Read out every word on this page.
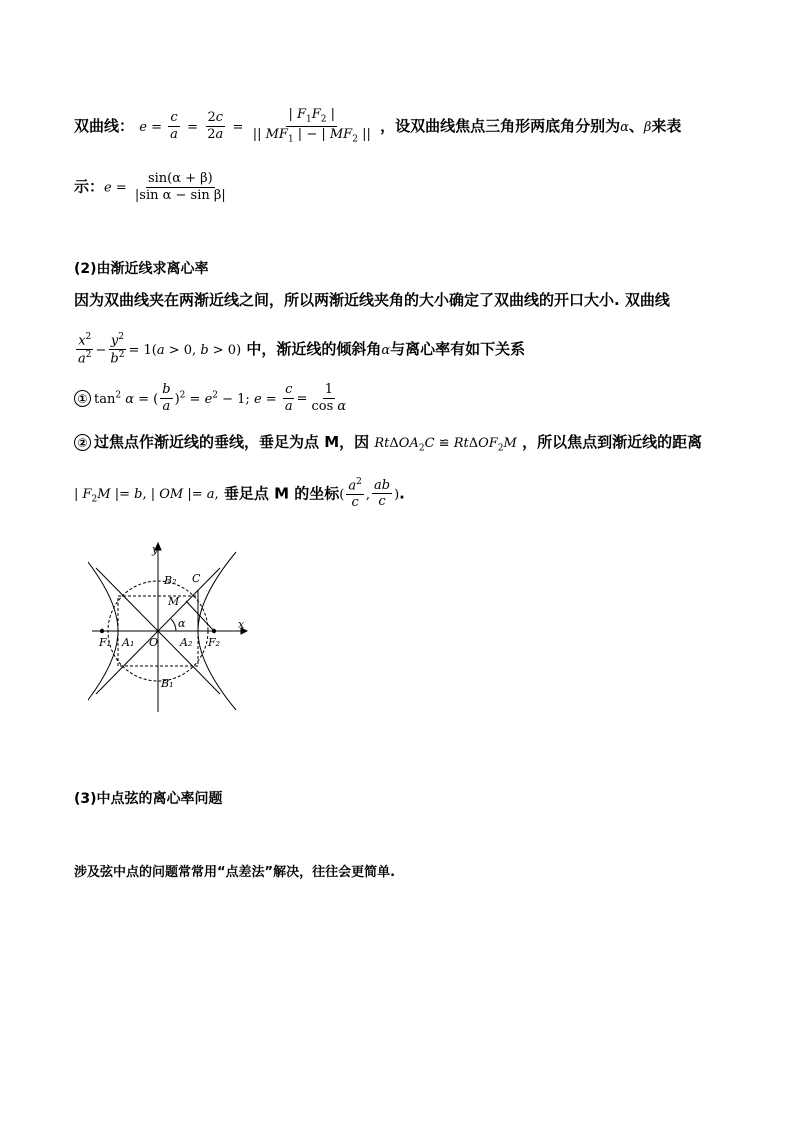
双曲线： $e = \frac{c}{a} = \frac{2c}{2a} = \frac{| F_1F_2 |}{|| MF_1 | - | MF_2 ||}$ ，设双曲线焦点三角形两底角分别为α、β来表
示：$e = \frac{\sin(\alpha + \beta)}{\text{|sin α − sin β|}}$
(2)由渐近线求离心率
因为双曲线夹在两渐近线之间，所以两渐近线夹角的大小确定了双曲线的开口大小. 双曲线
$\frac{x^2}{a^2} - \frac{y^2}{b^2} = 1(a > 0$, b > 0) 中，渐近线的倾斜角α与离心率有如下关系
① $\tan^2 \alpha$ = ( $\frac{b}{a} )^2 = e^2 - 1$; $e = \frac{c}{a} = \frac{1}{\text{cos α}}$
② 过焦点作渐近线的垂线，垂足为点 M，因 RtΔOA$_2$C ≌ RtΔOF$_2$M ，所以焦点到渐近线的距离
| $F_2M$ |= b, | OM |= a, 垂足点 M 的坐标( $\frac{a^2}{c}$ , $\frac{ab}{c}$ ).
y
x
B₂ C
M
α
F₁ A₁ O A₂ F₂
B₁
(3)中点弦的离心率问题
涉及弦中点的问题常常用“点差法”解决，往往会更简单.
